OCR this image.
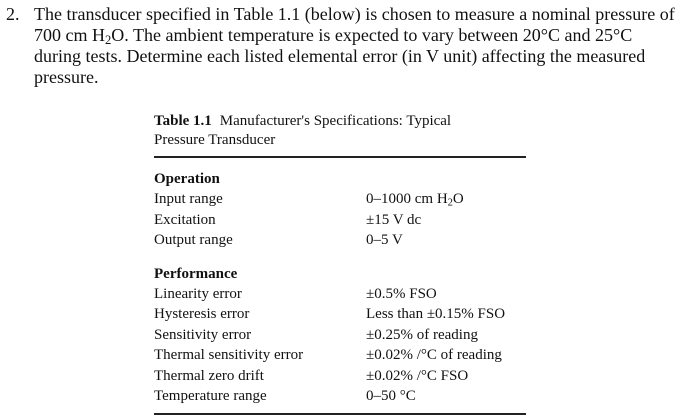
2. The transducer specified in Table 1.1 (below) is chosen to measure a nominal pressure of
700 cm $H_2O$. The ambient temperature is expected to vary between 20°C and 25°C
during tests. Determine each listed elemental error (in V unit) affecting the measured
pressure.
Table 1.1 Manufacturer's Specifications: Typical
Pressure Transducer
Operation
Input range	0–1000 cm $H_2O$
Excitation	±15 V dc
Output range	0–5 V
Performance
Linearity error	±0.5% FSO
Hysteresis error	Less than ±0.15% FSO
Sensitivity error	±0.25% of reading
Thermal sensitivity error	±0.02% /°C of reading
Thermal zero drift	±0.02% /°C FSO
Temperature range	0–50 °C
